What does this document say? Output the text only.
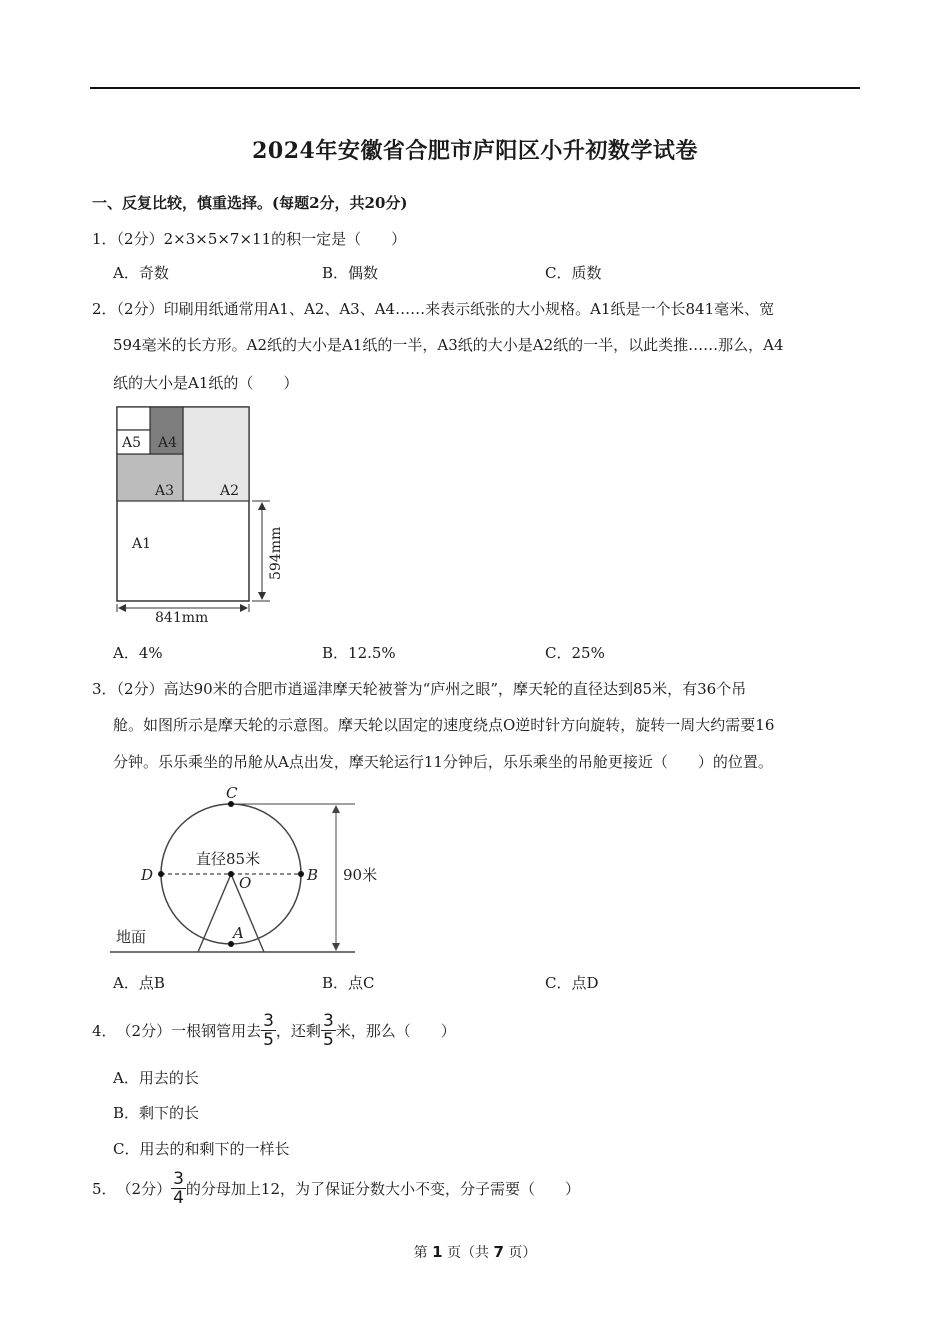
2024年安徽省合肥市庐阳区小升初数学试卷
一、反复比较，慎重选择。(每题2分，共20分)
1．（2分）2×3×5×7×11的积一定是（　　）
A．奇数	B．偶数	C．质数
2．（2分）印刷用纸通常用A1、A2、A3、A4……来表示纸张的大小规格。A1纸是一个长841毫米、宽
594毫米的长方形。A2纸的大小是A1纸的一半，A3纸的大小是A2纸的一半，以此类推……那么，A4
纸的大小是A1纸的（　　）
A5 A4
A3	A2
A1	594mm
841mm
A．4%	B．12.5%	C．25%
3．（2分）高达90米的合肥市逍遥津摩天轮被誉为“庐州之眼”，摩天轮的直径达到85米，有36个吊
舱。如图所示是摩天轮的示意图。摩天轮以固定的速度绕点O逆时针方向旋转，旋转一周大约需要16
分钟。乐乐乘坐的吊舱从A点出发，摩天轮运行11分钟后，乐乐乘坐的吊舱更接近（　　）的位置。
C
D	B
O
A
直径85米
90米
地面
A．点B	B．点C	C．点D
4． （2分）一根钢管用去 $\frac{3}{5}$ ，还剩 $\frac{3}{5}$ 米，那么（　　）
A．用去的长
B．剩下的长
C．用去的和剩下的一样长
5． （2分） $\frac{3}{4}$ 的分母加上12，为了保证分数大小不变，分子需要（　　）
第 1 页（共 7 页）
